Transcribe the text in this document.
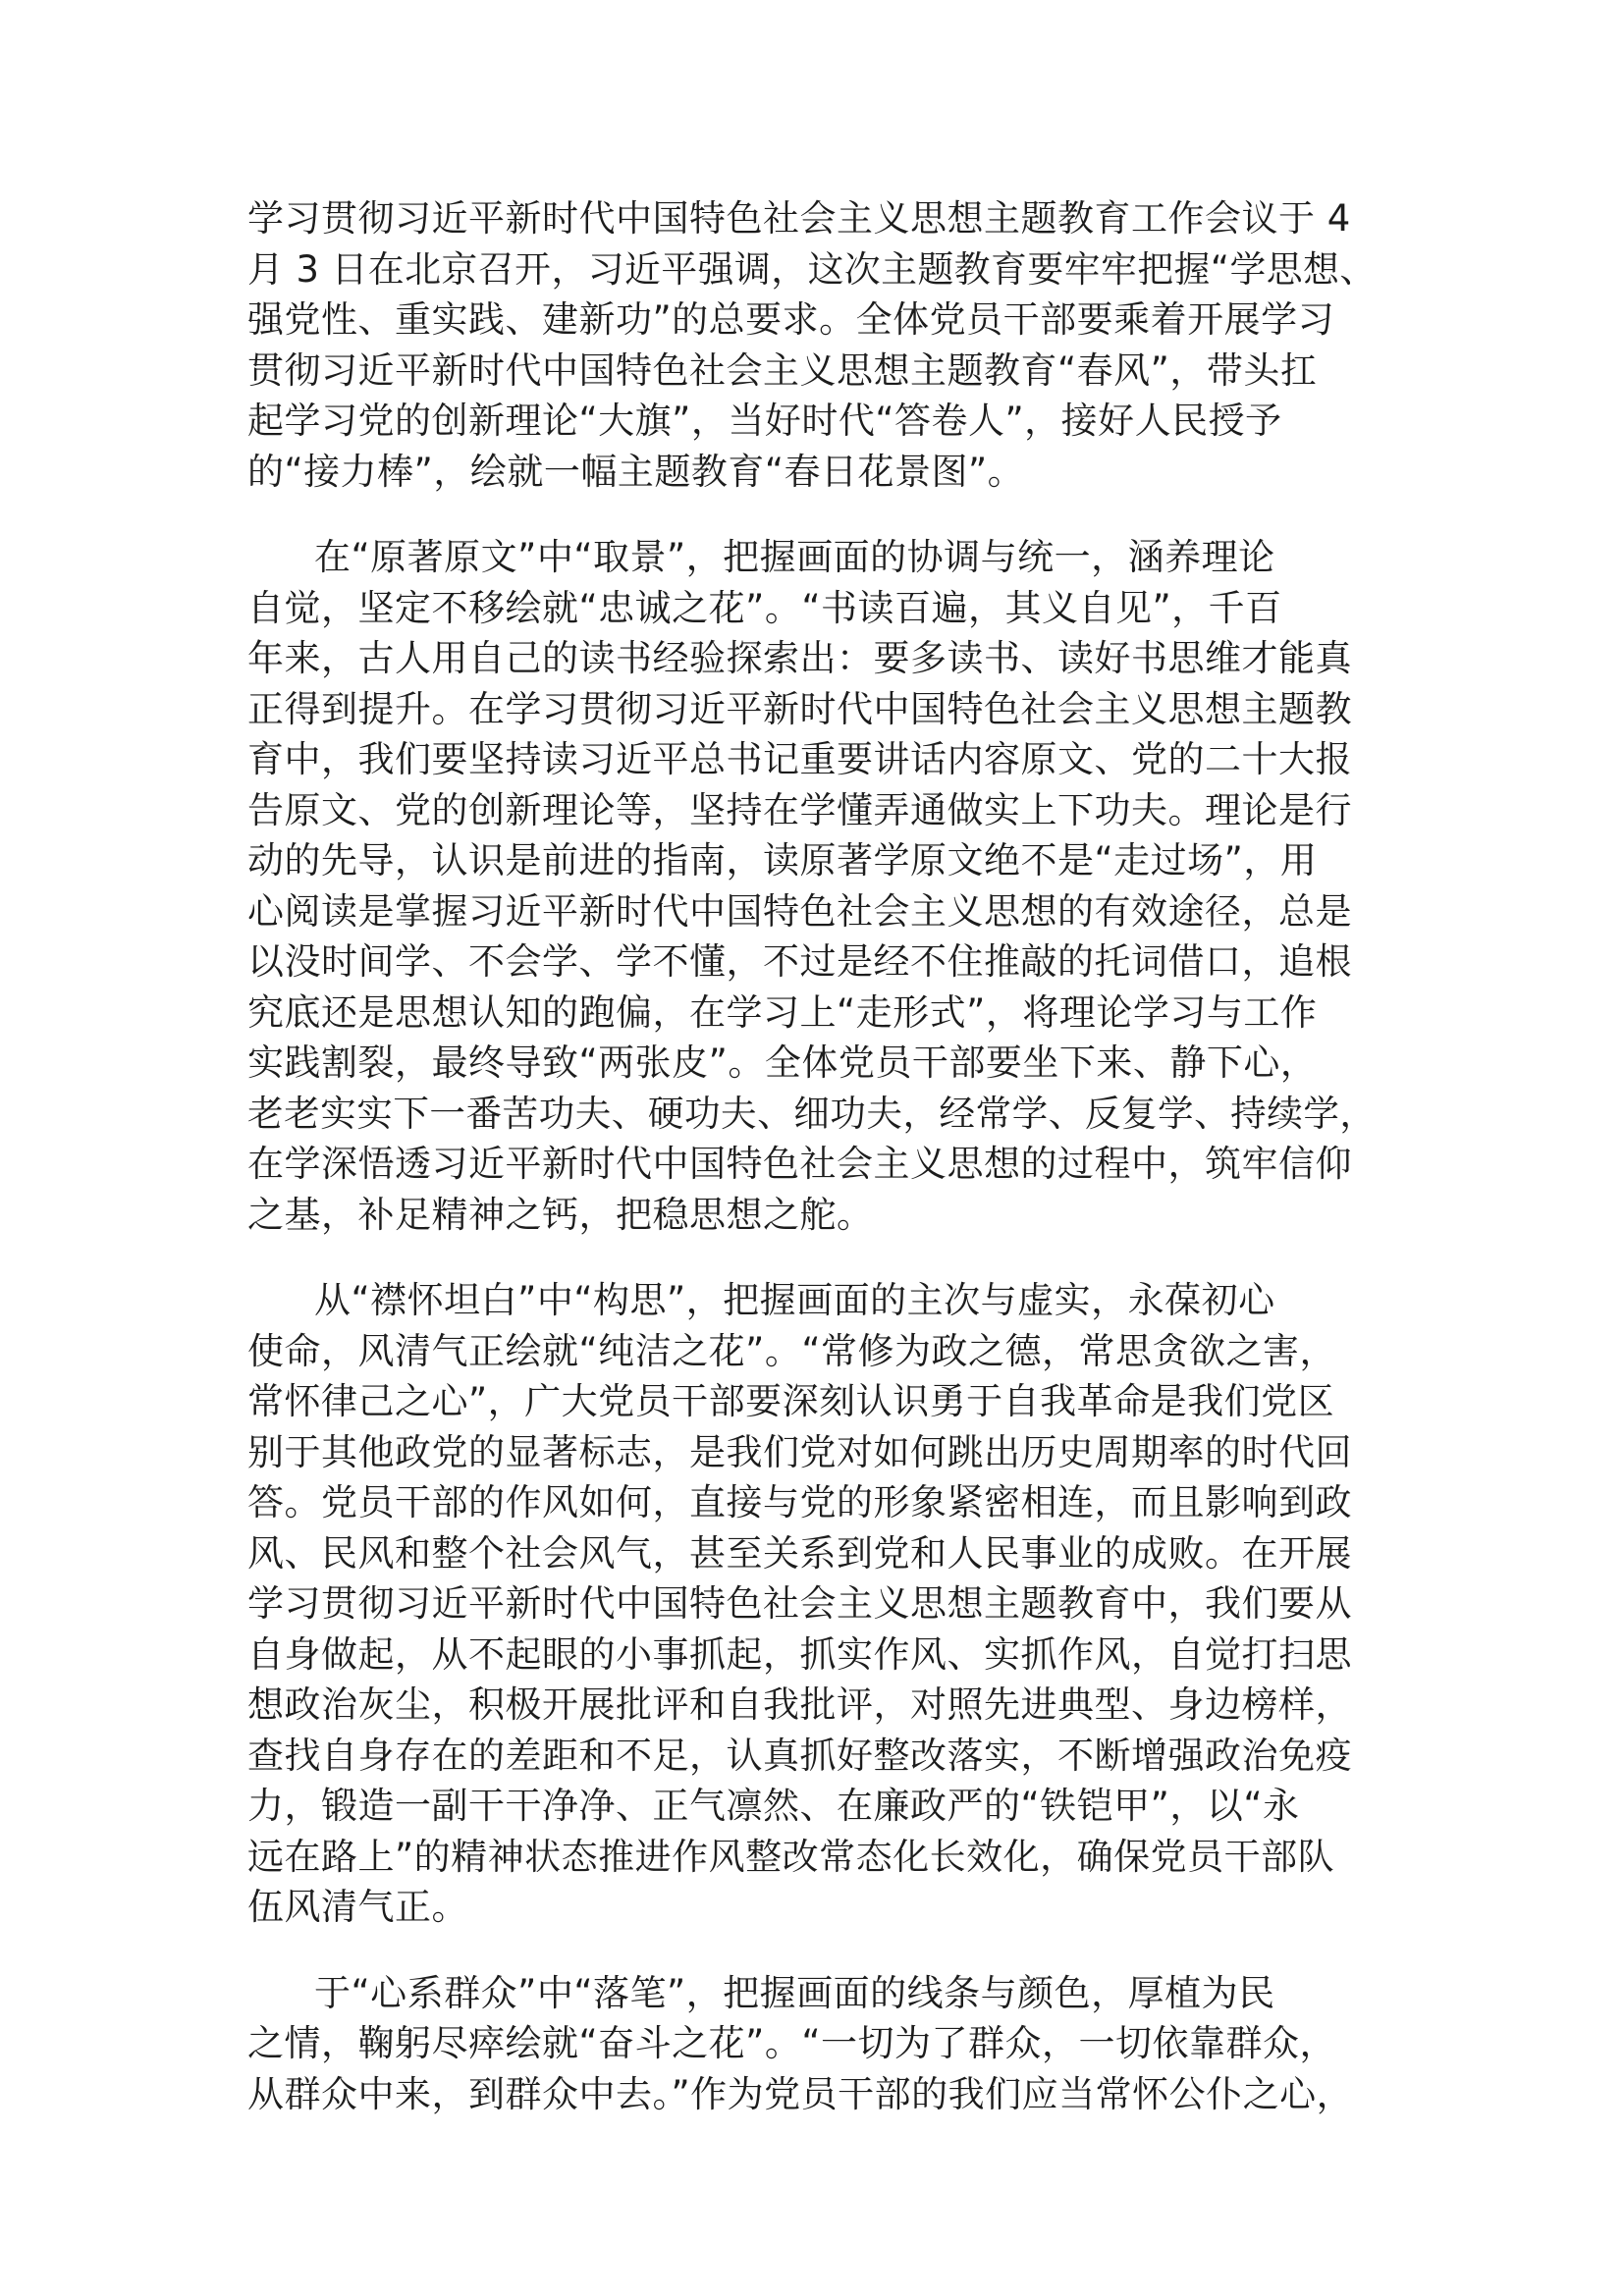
学习贯彻习近平新时代中国特色社会主义思想主题教育工作会议于 4
月 3 日在北京召开，习近平强调，这次主题教育要牢牢把握“学思想、
强党性、重实践、建新功”的总要求。全体党员干部要乘着开展学习
贯彻习近平新时代中国特色社会主义思想主题教育“春风”，带头扛
起学习党的创新理论“大旗”，当好时代“答卷人”，接好人民授予
的“接力棒”，绘就一幅主题教育“春日花景图”。
在“原著原文”中“取景”，把握画面的协调与统一，涵养理论
自觉，坚定不移绘就“忠诚之花”。“书读百遍，其义自见”，千百
年来，古人用自己的读书经验探索出：要多读书、读好书思维才能真
正得到提升。在学习贯彻习近平新时代中国特色社会主义思想主题教
育中，我们要坚持读习近平总书记重要讲话内容原文、党的二十大报
告原文、党的创新理论等，坚持在学懂弄通做实上下功夫。理论是行
动的先导，认识是前进的指南，读原著学原文绝不是“走过场”，用
心阅读是掌握习近平新时代中国特色社会主义思想的有效途径，总是
以没时间学、不会学、学不懂，不过是经不住推敲的托词借口，追根
究底还是思想认知的跑偏，在学习上“走形式”，将理论学习与工作
实践割裂，最终导致“两张皮”。全体党员干部要坐下来、静下心，
老老实实下一番苦功夫、硬功夫、细功夫，经常学、反复学、持续学，
在学深悟透习近平新时代中国特色社会主义思想的过程中，筑牢信仰
之基，补足精神之钙，把稳思想之舵。
从“襟怀坦白”中“构思”，把握画面的主次与虚实，永葆初心
使命，风清气正绘就“纯洁之花”。“常修为政之德，常思贪欲之害，
常怀律己之心”，广大党员干部要深刻认识勇于自我革命是我们党区
别于其他政党的显著标志，是我们党对如何跳出历史周期率的时代回
答。党员干部的作风如何，直接与党的形象紧密相连，而且影响到政
风、民风和整个社会风气，甚至关系到党和人民事业的成败。在开展
学习贯彻习近平新时代中国特色社会主义思想主题教育中，我们要从
自身做起，从不起眼的小事抓起，抓实作风、实抓作风，自觉打扫思
想政治灰尘，积极开展批评和自我批评，对照先进典型、身边榜样，
查找自身存在的差距和不足，认真抓好整改落实，不断增强政治免疫
力，锻造一副干干净净、正气凛然、在廉政严的“铁铠甲”，以“永
远在路上”的精神状态推进作风整改常态化长效化，确保党员干部队
伍风清气正。
于“心系群众”中“落笔”，把握画面的线条与颜色，厚植为民
之情，鞠躬尽瘁绘就“奋斗之花”。“一切为了群众，一切依靠群众，
从群众中来，到群众中去。”作为党员干部的我们应当常怀公仆之心，
